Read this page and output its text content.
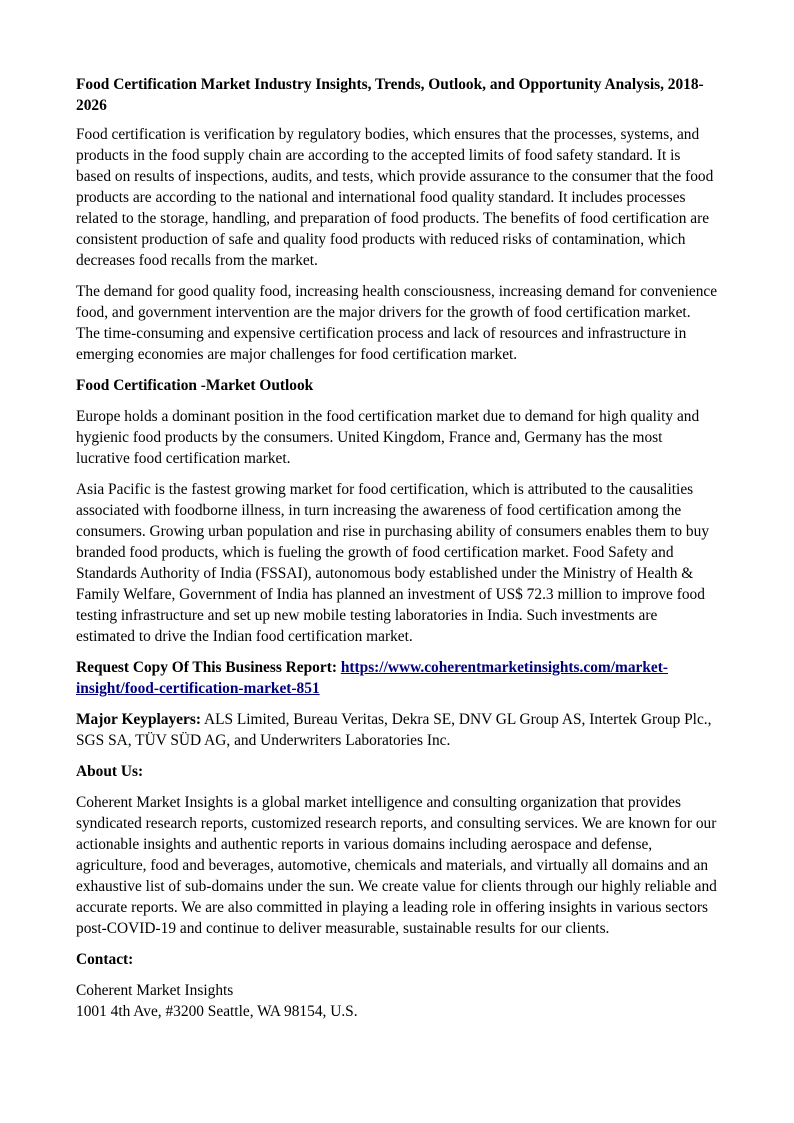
Food Certification Market Industry Insights, Trends, Outlook, and Opportunity Analysis, 2018-2026

Food certification is verification by regulatory bodies, which ensures that the processes, systems, and products in the food supply chain are according to the accepted limits of food safety standard. It is based on results of inspections, audits, and tests, which provide assurance to the consumer that the food products are according to the national and international food quality standard. It includes processes related to the storage, handling, and preparation of food products. The benefits of food certification are consistent production of safe and quality food products with reduced risks of contamination, which decreases food recalls from the market.

The demand for good quality food, increasing health consciousness, increasing demand for convenience food, and government intervention are the major drivers for the growth of food certification market. The time-consuming and expensive certification process and lack of resources and infrastructure in emerging economies are major challenges for food certification market.

Food Certification -Market Outlook

Europe holds a dominant position in the food certification market due to demand for high quality and hygienic food products by the consumers. United Kingdom, France and, Germany has the most lucrative food certification market.

Asia Pacific is the fastest growing market for food certification, which is attributed to the causalities associated with foodborne illness, in turn increasing the awareness of food certification among the consumers. Growing urban population and rise in purchasing ability of consumers enables them to buy branded food products, which is fueling the growth of food certification market. Food Safety and Standards Authority of India (FSSAI), autonomous body established under the Ministry of Health & Family Welfare, Government of India has planned an investment of US$ 72.3 million to improve food testing infrastructure and set up new mobile testing laboratories in India. Such investments are estimated to drive the Indian food certification market.

Request Copy Of This Business Report: https://www.coherentmarketinsights.com/market-insight/food-certification-market-851

Major Keyplayers: ALS Limited, Bureau Veritas, Dekra SE, DNV GL Group AS, Intertek Group Plc., SGS SA, TÜV SÜD AG, and Underwriters Laboratories Inc.

About Us:

Coherent Market Insights is a global market intelligence and consulting organization that provides syndicated research reports, customized research reports, and consulting services. We are known for our actionable insights and authentic reports in various domains including aerospace and defense, agriculture, food and beverages, automotive, chemicals and materials, and virtually all domains and an exhaustive list of sub-domains under the sun. We create value for clients through our highly reliable and accurate reports. We are also committed in playing a leading role in offering insights in various sectors post-COVID-19 and continue to deliver measurable, sustainable results for our clients.

Contact:

Coherent Market Insights
1001 4th Ave, #3200 Seattle, WA 98154, U.S.
